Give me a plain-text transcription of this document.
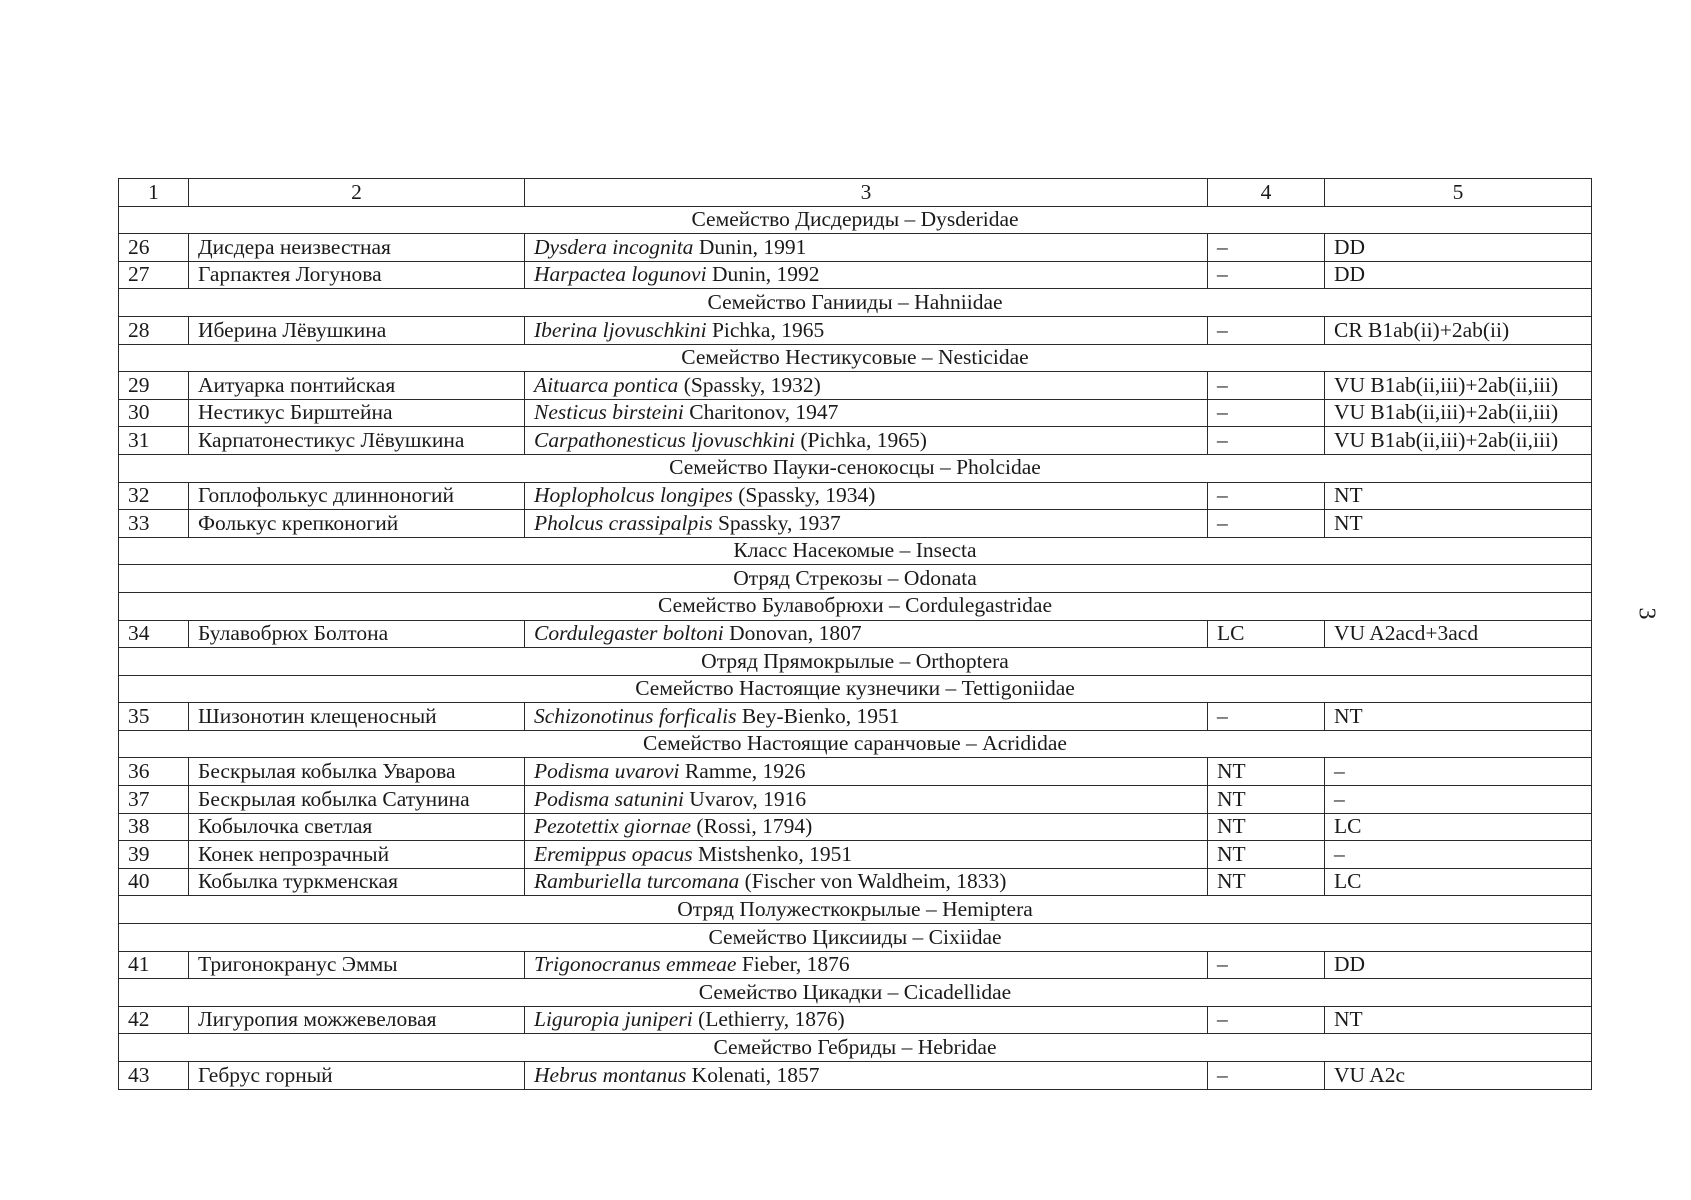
1	2	3	4	5
Семейство Дисдериды – Dysderidae				
26	Дисдера неизвестная	Dysdera incognita Dunin, 1991	–	DD
27	Гарпактея Логунова	Harpactea logunovi Dunin, 1992	–	DD
Семейство Ганииды – Hahniidae				
28	Иберина Лёвушкина	Iberina ljovuschkini Pichka, 1965	–	CR B1ab(ii)+2ab(ii)
Семейство Нестикусовые – Nesticidae				
29	Аитуарка понтийская	Aituarca pontica (Spassky, 1932)	–	VU B1ab(ii,iii)+2ab(ii,iii)
30	Нестикус Бирштейна	Nesticus birsteini Charitonov, 1947	–	VU B1ab(ii,iii)+2ab(ii,iii)
31	Карпатонестикус Лёвушкина	Carpathonesticus ljovuschkini (Pichka, 1965)	–	VU B1ab(ii,iii)+2ab(ii,iii)
Семейство Пауки-сенокосцы – Pholcidae				
32	Гоплофолькус длинноногий	Hoplopholcus longipes (Spassky, 1934)	–	NT
33	Фолькус крепконогий	Pholcus crassipalpis Spassky, 1937	–	NT
Класс Насекомые – Insecta				
Отряд Стрекозы – Odonata				
Семейство Булавобрюхи – Cordulegastridae				
34	Булавобрюх Болтона	Cordulegaster boltoni Donovan, 1807	LC	VU A2acd+3acd
Отряд Прямокрылые – Orthoptera				
Семейство Настоящие кузнечики – Tettigoniidae				
35	Шизонотин клещеносный	Schizonotinus forficalis Bey-Bienko, 1951	–	NT
Семейство Настоящие саранчовые – Acrididae				
36	Бескрылая кобылка Уварова	Podisma uvarovi Ramme, 1926	NT	–
37	Бескрылая кобылка Сатунина	Podisma satunini Uvarov, 1916	NT	–
38	Кобылочка светлая	Pezotettix giornae (Rossi, 1794)	NT	LC
39	Конек непрозрачный	Eremippus opacus Mistshenko, 1951	NT	–
40	Кобылка туркменская	Ramburiella turcomana (Fischer von Waldheim, 1833)	NT	LC
Отряд Полужесткокрылые – Hemiptera				
Семейство Циксииды – Cixiidae				
41	Тригонокранус Эммы	Trigonocranus emmeae Fieber, 1876	–	DD
Семейство Цикадки – Cicadellidae				
42	Лигуропия можжевеловая	Liguropia juniperi (Lethierry, 1876)	–	NT
Семейство Гебриды – Hebridae				
43	Гебрус горный	Hebrus montanus Kolenati, 1857	–	VU A2c
3
